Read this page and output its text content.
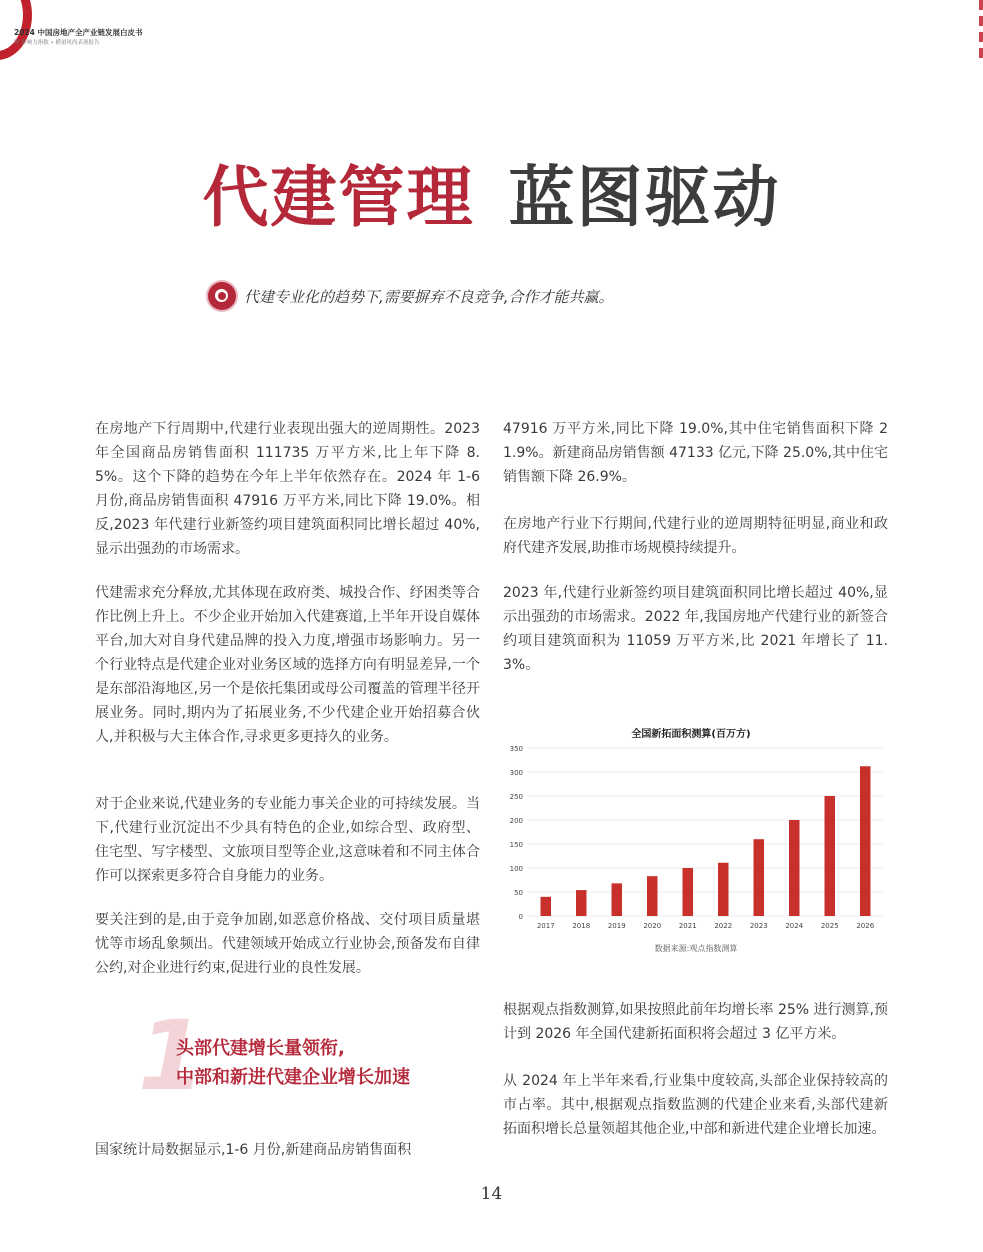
2024 中国房地产全产业链发展白皮书
暨 影响力指数 • 横量风尚表现报告
代建管理 蓝图驱动
代建专业化的趋势下,需要摒弃不良竞争,合作才能共赢。
在房地产下行周期中,代建行业表现出强大的逆周期性。2023 年全国商品房销售面积 111735 万平方米,比上年下降 8.5%。这个下降的趋势在今年上半年依然存在。2024 年 1-6 月份,商品房销售面积 47916 万平方米,同比下降 19.0%。相反,2023 年代建行业新签约项目建筑面积同比增长超过 40%,显示出强劲的市场需求。
代建需求充分释放,尤其体现在政府类、城投合作、纾困类等合作比例上升上。不少企业开始加入代建赛道,上半年开设自媒体平台,加大对自身代建品牌的投入力度,增强市场影响力。另一个行业特点是代建企业对业务区域的选择方向有明显差异,一个是东部沿海地区,另一个是依托集团或母公司覆盖的管理半径开展业务。同时,期内为了拓展业务,不少代建企业开始招募合伙人,并积极与大主体合作,寻求更多更持久的业务。
对于企业来说,代建业务的专业能力事关企业的可持续发展。当下,代建行业沉淀出不少具有特色的企业,如综合型、政府型、住宅型、写字楼型、文旅项目型等企业,这意味着和不同主体合作可以探索更多符合自身能力的业务。
要关注到的是,由于竞争加剧,如恶意价格战、交付项目质量堪忧等市场乱象频出。代建领域开始成立行业协会,预备发布自律公约,对企业进行约束,促进行业的良性发展。
1
头部代建增长量领衔,
中部和新进代建企业增长加速
国家统计局数据显示,1-6 月份,新建商品房销售面积
47916 万平方米,同比下降 19.0%,其中住宅销售面积下降 21.9%。新建商品房销售额 47133 亿元,下降 25.0%,其中住宅销售额下降 26.9%。
在房地产行业下行期间,代建行业的逆周期特征明显,商业和政府代建齐发展,助推市场规模持续提升。
2023 年,代建行业新签约项目建筑面积同比增长超过 40%,显示出强劲的市场需求。2022 年,我国房地产代建行业的新签合约项目建筑面积为 11059 万平方米,比 2021 年增长了 11.3%。
全国新拓面积测算(百万方)
0
50
100
150
200
250
300
350
2017	2018	2019	2020	2021	2022	2023	2024	2025	2026
数据来源:观点指数测算
根据观点指数测算,如果按照此前年均增长率 25% 进行测算,预计到 2026 年全国代建新拓面积将会超过 3 亿平方米。
从 2024 年上半年来看,行业集中度较高,头部企业保持较高的市占率。其中,根据观点指数监测的代建企业来看,头部代建新拓面积增长总量领超其他企业,中部和新进代建企业增长加速。
14
